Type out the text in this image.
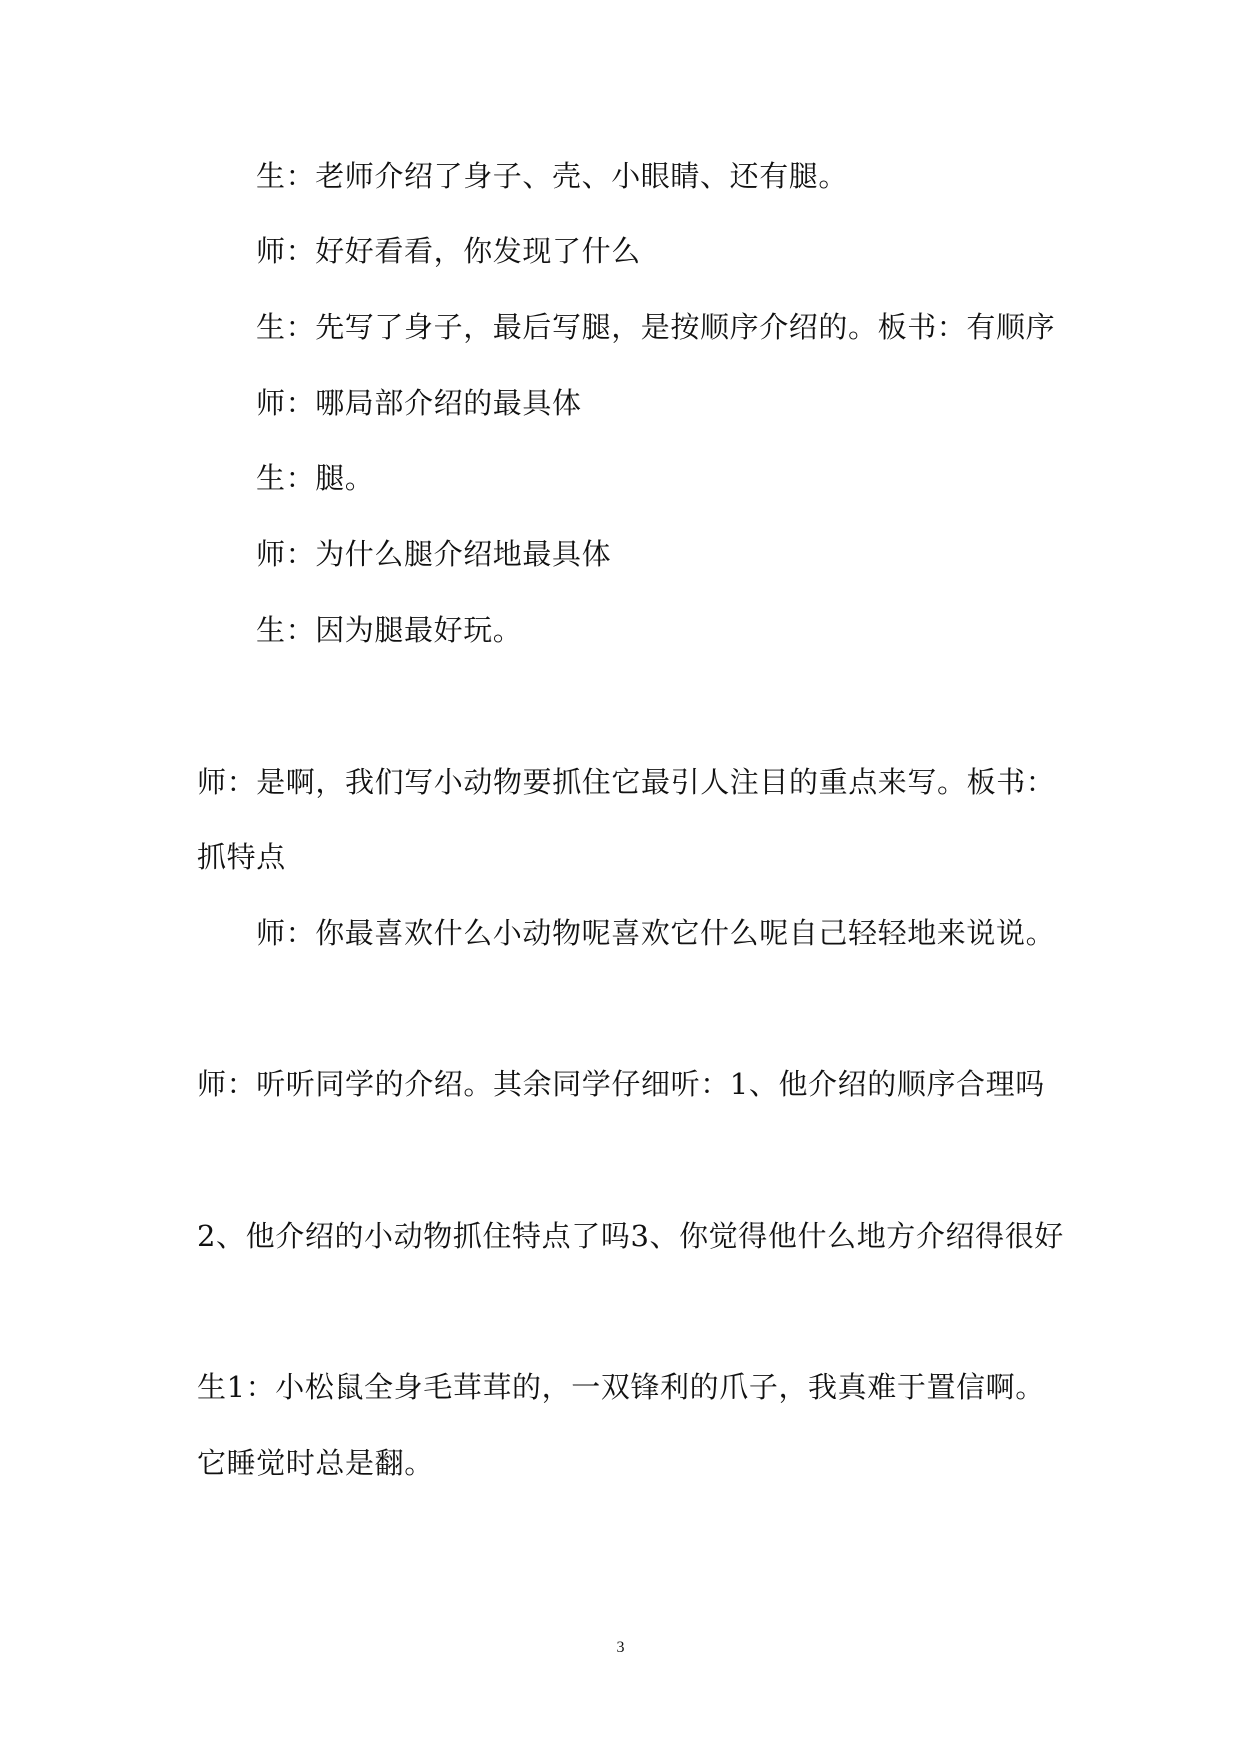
生：老师介绍了身子、壳、小眼睛、还有腿。
师：好好看看，你发现了什么
生：先写了身子，最后写腿，是按顺序介绍的。板书：有顺序
师：哪局部介绍的最具体
生：腿。
师：为什么腿介绍地最具体
生：因为腿最好玩。
师：是啊，我们写小动物要抓住它最引人注目的重点来写。板书：
抓特点
师：你最喜欢什么小动物呢喜欢它什么呢自己轻轻地来说说。
师：听听同学的介绍。其余同学仔细听：1、他介绍的顺序合理吗
2、他介绍的小动物抓住特点了吗3、你觉得他什么地方介绍得很好
生1：小松鼠全身毛茸茸的，一双锋利的爪子，我真难于置信啊。
它睡觉时总是翻。
3
